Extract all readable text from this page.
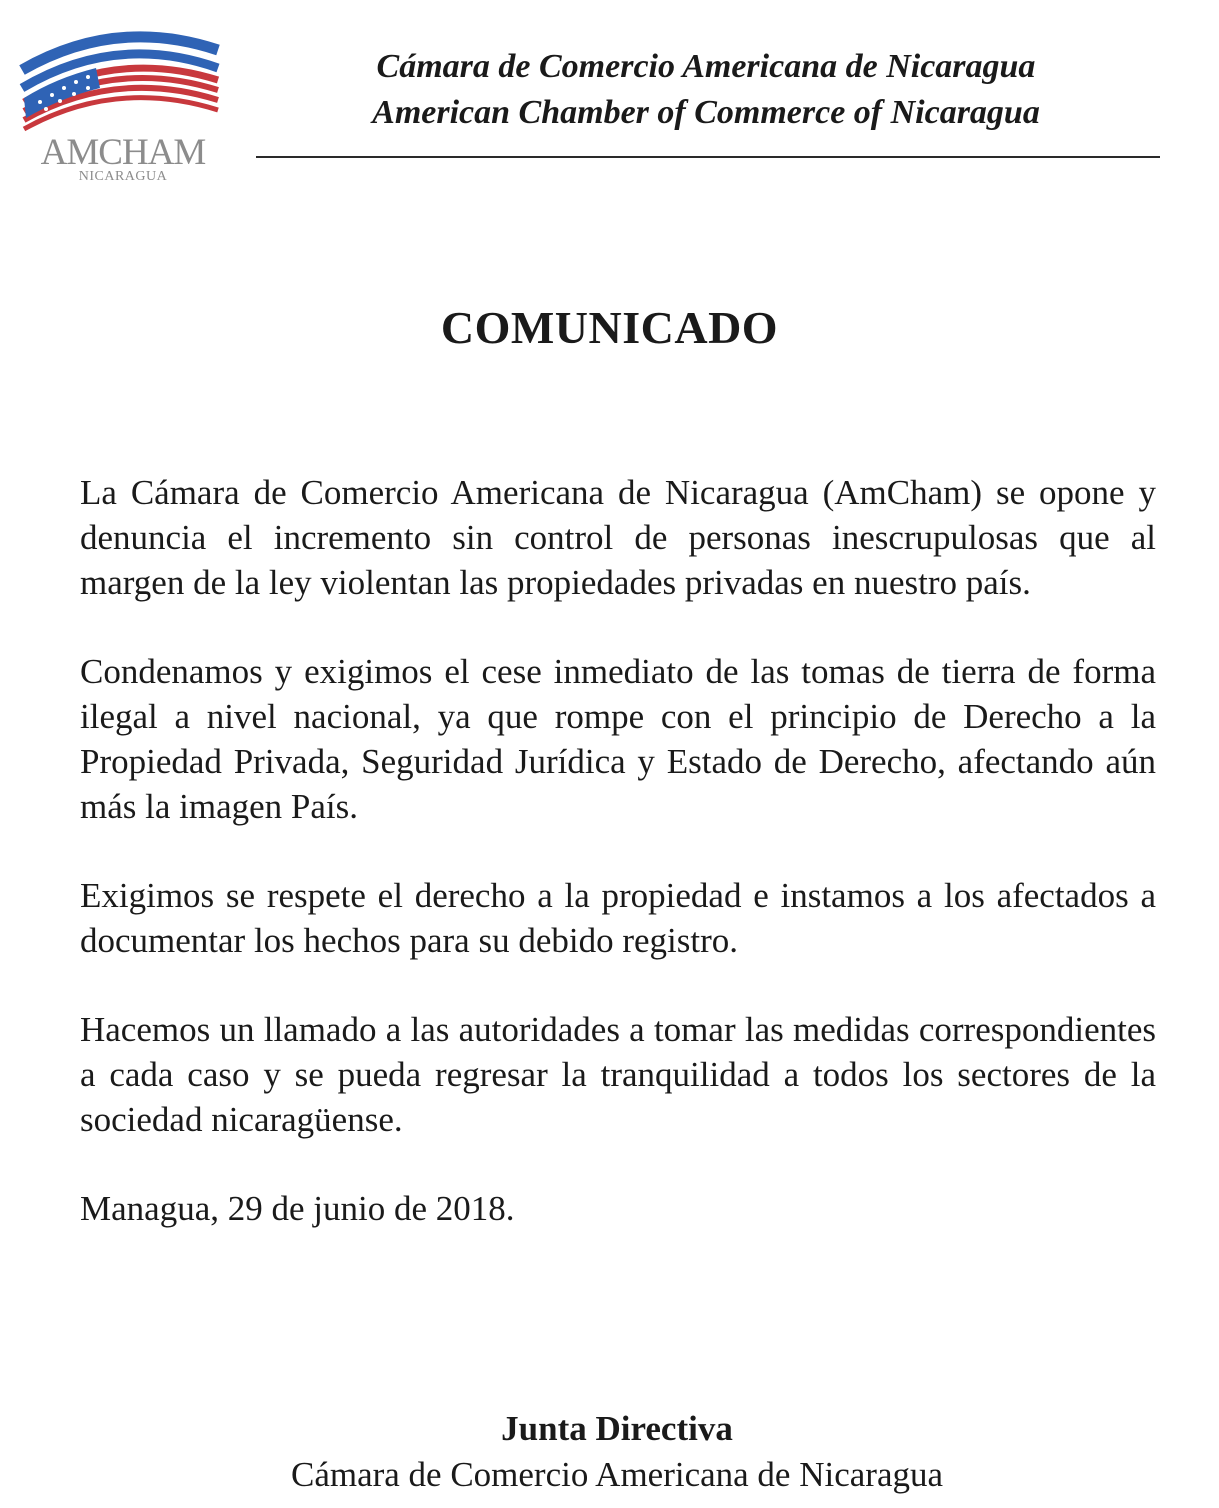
AMCHAM
NICARAGUA
Cámara de Comercio Americana de Nicaragua
American Chamber of Commerce of Nicaragua
COMUNICADO

La Cámara de Comercio Americana de Nicaragua (AmCham) se opone y denuncia el incremento sin control de personas inescrupulosas que al margen de la ley violentan las propiedades privadas en nuestro país.

Condenamos y exigimos el cese inmediato de las tomas de tierra de forma ilegal a nivel nacional, ya que rompe con el principio de Derecho a la Propiedad Privada, Seguridad Jurídica y Estado de Derecho, afectando aún más la imagen País.

Exigimos se respete el derecho a la propiedad e instamos a los afectados a documentar los hechos para su debido registro.

Hacemos un llamado a las autoridades a tomar las medidas correspondientes a cada caso y se pueda regresar la tranquilidad a todos los sectores de la sociedad nicaragüense.

Managua, 29 de junio de 2018.

Junta Directiva
Cámara de Comercio Americana de Nicaragua
